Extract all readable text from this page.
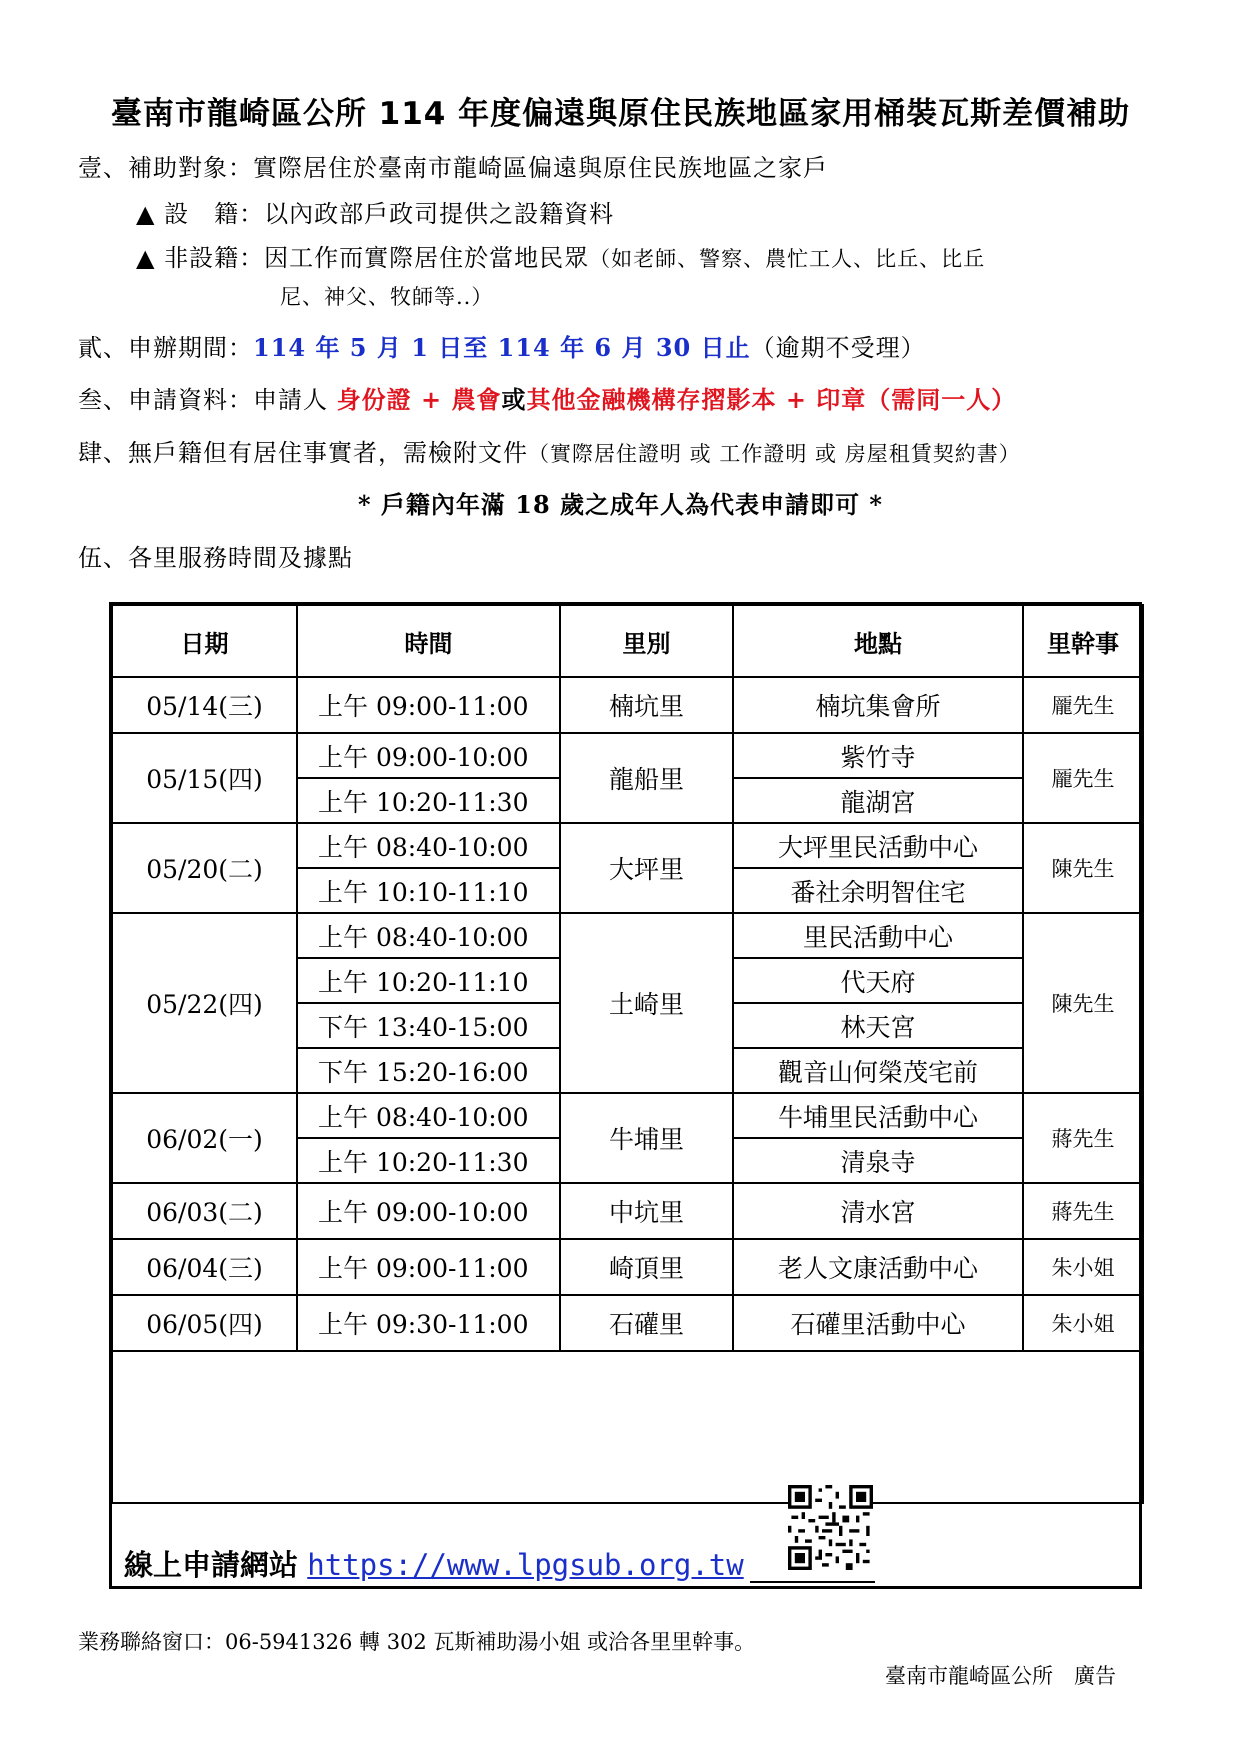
臺南市龍崎區公所 114 年度偏遠與原住民族地區家用桶裝瓦斯差價補助
壹、補助對象：實際居住於臺南市龍崎區偏遠與原住民族地區之家戶
▲ 設　籍：以內政部戶政司提供之設籍資料
▲ 非設籍：因工作而實際居住於當地民眾（如老師、警察、農忙工人、比丘、比丘
尼、神父、牧師等..）
貳、申辦期間：114 年 5 月 1 日至 114 年 6 月 30 日止（逾期不受理）
叁、申請資料：申請人 身份證 + 農會或其他金融機構存摺影本 + 印章（需同一人）
肆、無戶籍但有居住事實者，需檢附文件（實際居住證明 或 工作證明 或 房屋租賃契約書）
* 戶籍內年滿 18 歲之成年人為代表申請即可 *
伍、各里服務時間及據點
日期	時間	里別	地點	里幹事
05/14(三)	上午 09:00-11:00	楠坑里	楠坑集會所	龎先生
05/15(四)	上午 09:00-10:00	龍船里	紫竹寺	龎先生
	上午 10:20-11:30		龍湖宮	
05/20(二)	上午 08:40-10:00	大坪里	大坪里民活動中心	陳先生
	上午 10:10-11:10		番社余明智住宅	
05/22(四)	上午 08:40-10:00	土崎里	里民活動中心	陳先生
	上午 10:20-11:10		代天府	
	下午 13:40-15:00		林天宮	
	下午 15:20-16:00		觀音山何榮茂宅前	
06/02(一)	上午 08:40-10:00	牛埔里	牛埔里民活動中心	蔣先生
	上午 10:20-11:30		清泉寺	
06/03(二)	上午 09:00-10:00	中坑里	清水宮	蔣先生
06/04(三)	上午 09:00-11:00	崎頂里	老人文康活動中心	朱小姐
06/05(四)	上午 09:30-11:00	石礶里	石礶里活動中心	朱小姐

線上申請網站 https://www.lpgsub.org.tw
業務聯絡窗口：06-5941326 轉 302 瓦斯補助湯小姐 或洽各里里幹事。
臺南市龍崎區公所　廣告
